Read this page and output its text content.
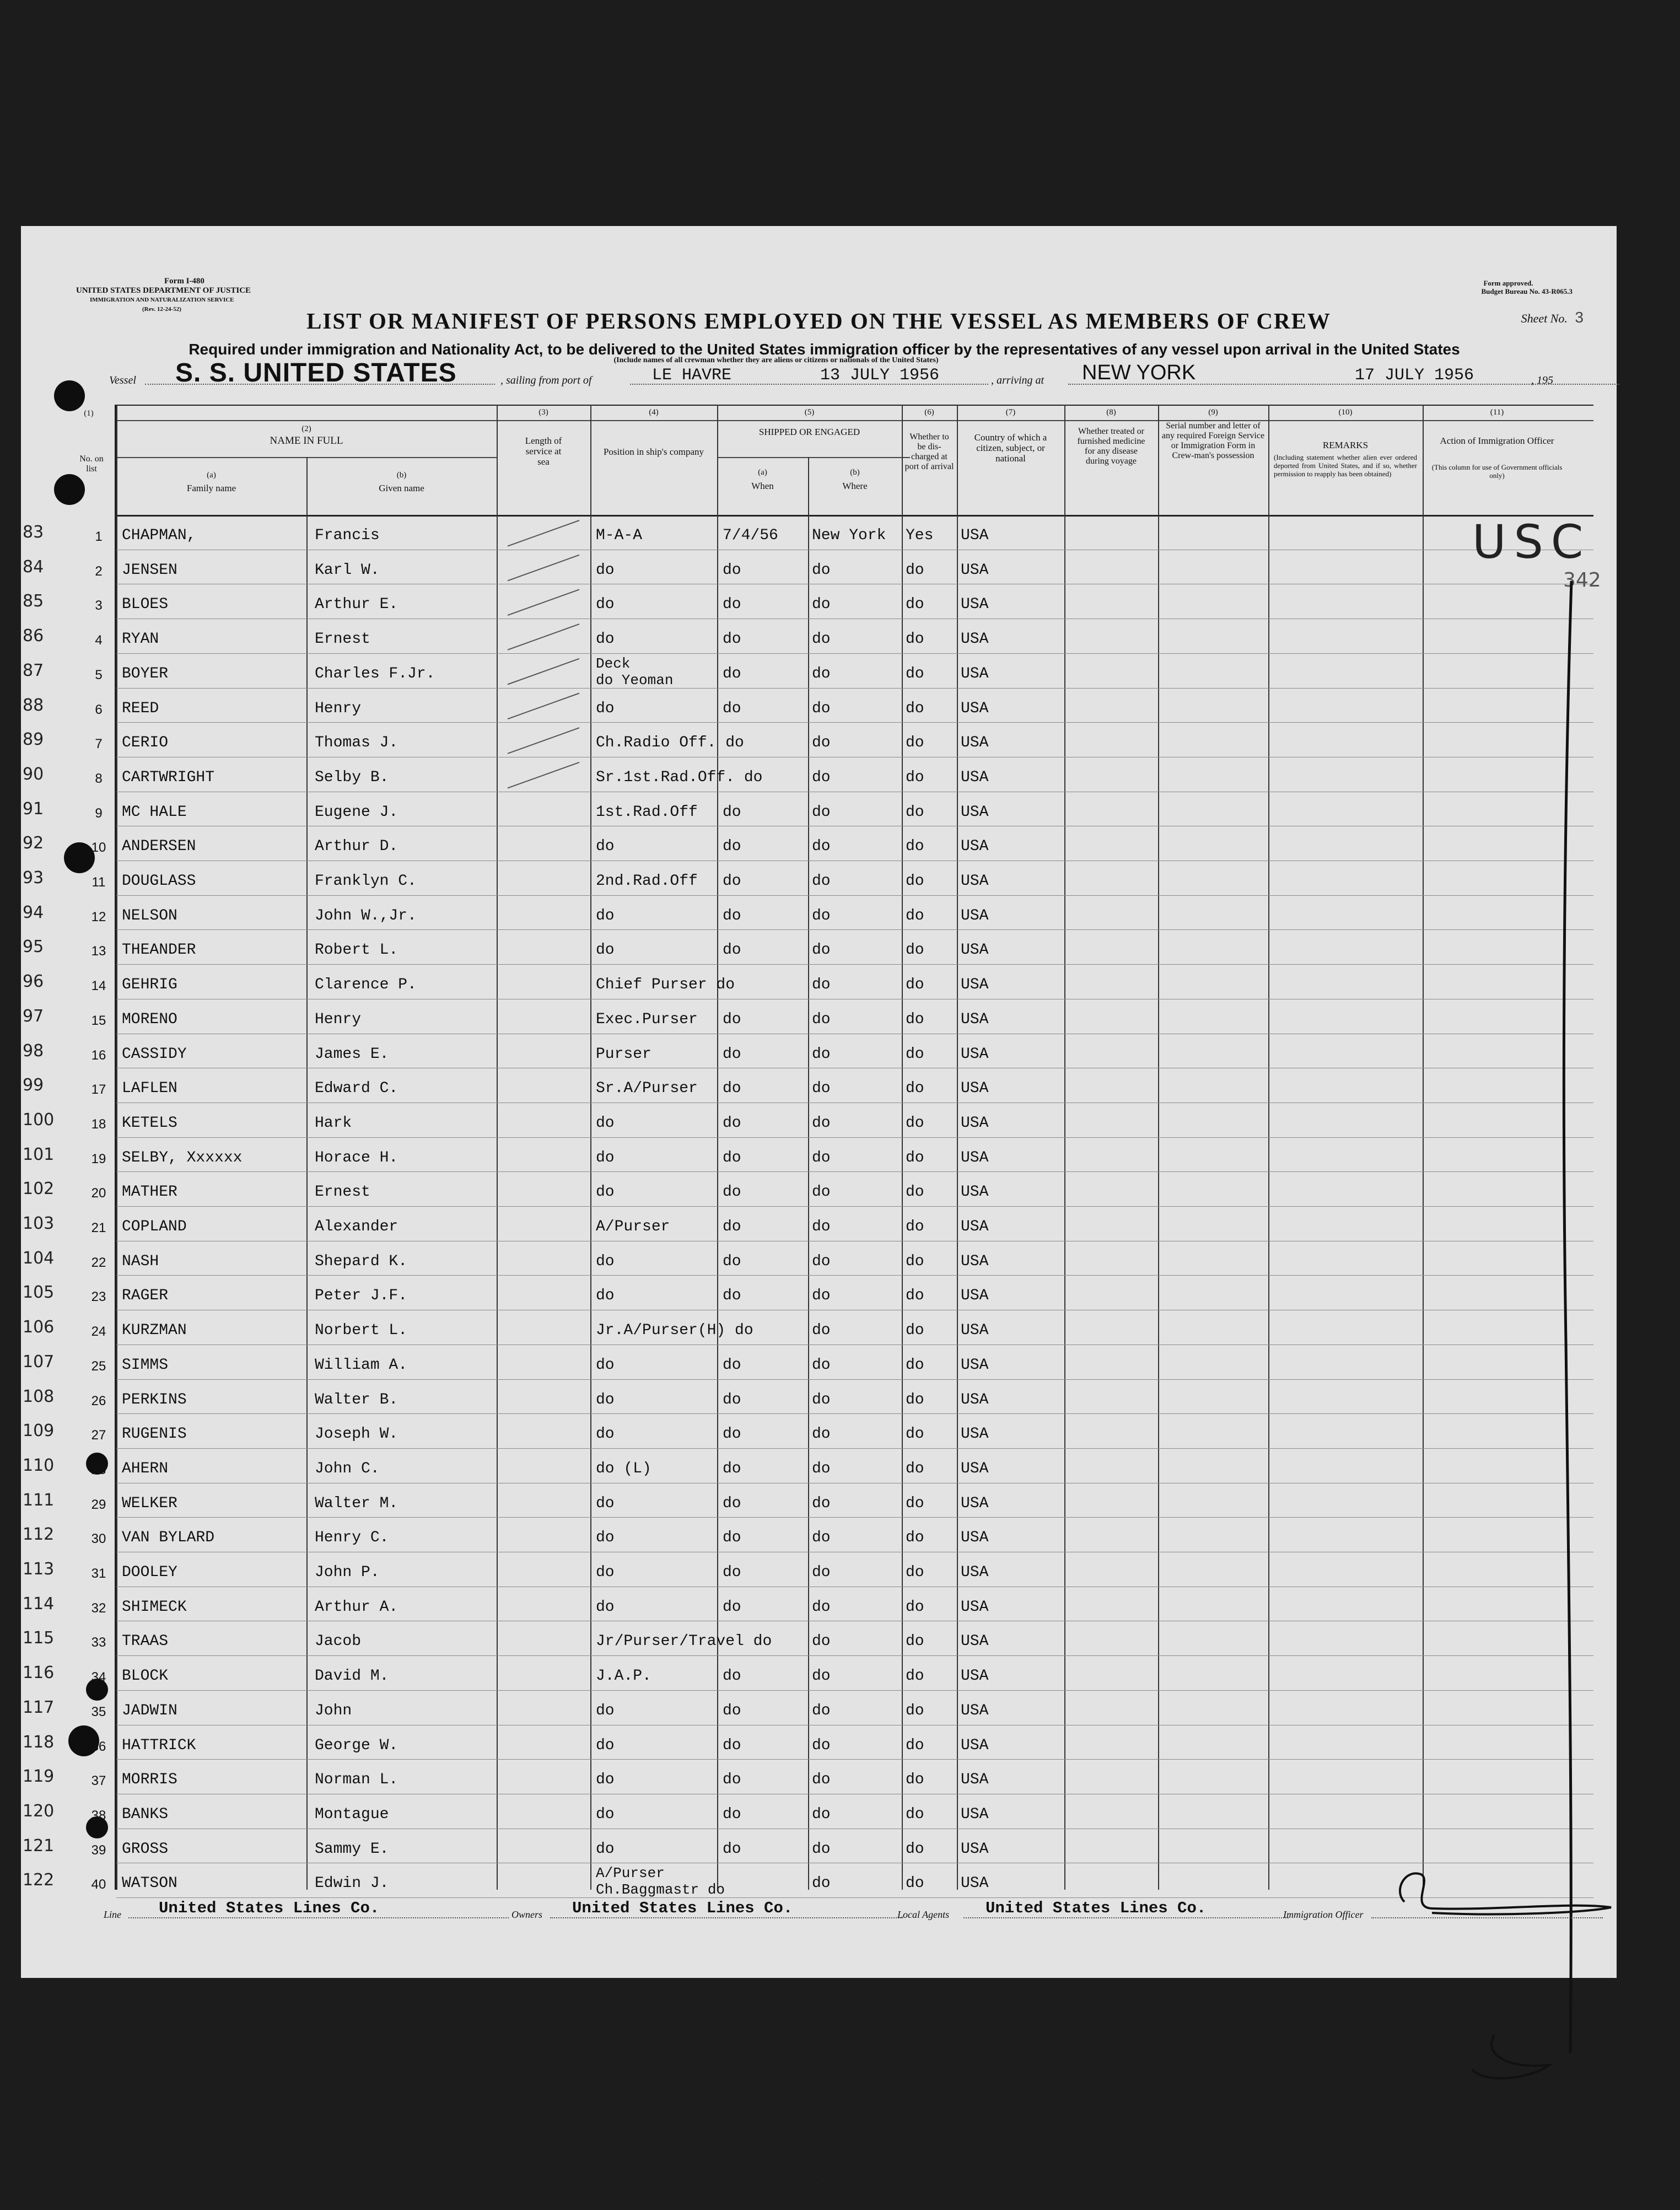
Form I-480
UNITED STATES DEPARTMENT OF JUSTICE
IMMIGRATION AND NATURALIZATION SERVICE
(Rev. 12-24-52)
Form approved.
Budget Bureau No. 43-R065.3
Sheet No. 3
LIST OR MANIFEST OF PERSONS EMPLOYED ON THE VESSEL AS MEMBERS OF CREW
Required under immigration and Nationality Act, to be delivered to the United States immigration officer by the representatives of any vessel upon arrival in the United States
(Include names of all crewman whether they are aliens or citizens or nationals of the United States)
Vessel S. S. UNITED STATES	, sailing from port of	LE HAVRE	13 JULY 1956	, arriving at NEW YORK	17 JULY 1956	, 195
(1)
No. on list
(2)
NAME IN FULL
(a)
Family name
(b)
Given name
(3)
Length of service at sea
(4)
Position in ship's company
(5)
SHIPPED OR ENGAGED
(a)
When
(b)
Where
(6)
Whether to be dis-charged at port of arrival
(7)
Country of which a citizen, subject, or national
(8)
Whether treated or furnished medicine for any disease during voyage
(9)
Serial number and letter of any required Foreign Service or Immigration Form in Crew-man's possession
(10)
REMARKS
(Including statement whether alien ever ordered deported from United States, and if so, whether permission to reapply has been obtained)
(11)
Action of Immigration Officer
(This column for use of Government officials only)
83	1	CHAPMAN,	Francis	M-A-A	7/4/56 New York Yes USA
84	2	JENSEN	Karl W.	do	do	do	do USA
85	3	BLOES	Arthur E.	do	do	do	do USA
86	4	RYAN	Ernest	do	do	do	do USA
87	5	BOYER	Charles F.Jr.
Deck
do Yeoman	do	do	do USA
88	6	REED	Henry	do	do	do	do USA
89	7	CERIO	Thomas J.	Ch.Radio Off. do	do	do USA
90	8	CARTWRIGHT	Selby B.	Sr.1st.Rad.Off. do	do	do USA
91	9	MC HALE	Eugene J.	1st.Rad.Off do	do	do USA
92	10 ANDERSEN	Arthur D.	do	do	do	do USA
93	11 DOUGLASS	Franklyn C.	2nd.Rad.Off do	do	do USA
94	12 NELSON	John W.,Jr.	do	do	do	do USA
95	13 THEANDER	Robert L.	do	do	do	do USA
96	14 GEHRIG	Clarence P.	Chief Purser do	do	do USA
97	15 MORENO	Henry	Exec.Purser do	do	do USA
98	16 CASSIDY	James E.	Purser	do	do	do USA
99	17 LAFLEN	Edward C.	Sr.A/Purser do	do	do USA
100	18 KETELS	Hark	do	do	do	do USA
101	19 SELBY, Xxxxxx	Horace H.	do	do	do	do USA
102	20 MATHER	Ernest	do	do	do	do USA
103	21 COPLAND	Alexander	A/Purser	do	do	do USA
104	22 NASH	Shepard K.	do	do	do	do USA
105	23 RAGER	Peter J.F.	do	do	do	do USA
106	24 KURZMAN	Norbert L.	Jr.A/Purser(H) do	do	do USA
107	25 SIMMS	William A.	do	do	do	do USA
108	26 PERKINS	Walter B.	do	do	do	do USA
109	27 RUGENIS	Joseph W.	do	do	do	do USA
110	28 AHERN	John C.	do (L)	do	do	do USA
111	29 WELKER	Walter M.	do	do	do	do USA
112	30 VAN BYLARD	Henry C.	do	do	do	do USA
113	31 DOOLEY	John P.	do	do	do	do USA
114	32 SHIMECK	Arthur A.	do	do	do	do USA
115	33 TRAAS	Jacob	Jr/Purser/Travel do	do	do USA
116	34 BLOCK	David M.	J.A.P.	do	do	do USA
117	35 JADWIN	John	do	do	do	do USA
118	36 HATTRICK	George W.	do	do	do	do USA
119	37 MORRIS	Norman L.	do	do	do	do USA
120	38 BANKS	Montague	do	do	do	do USA
121	39 GROSS	Sammy E.	do	do	do	do USA
122	40 WATSON	Edwin J.
A/Purser
Ch.Baggmastr do	do	do USA
USC
342
Line United States Lines Co.	Owners United States Lines Co.	Local Agents United States Lines Co.	Immigration Officer
ˇ
